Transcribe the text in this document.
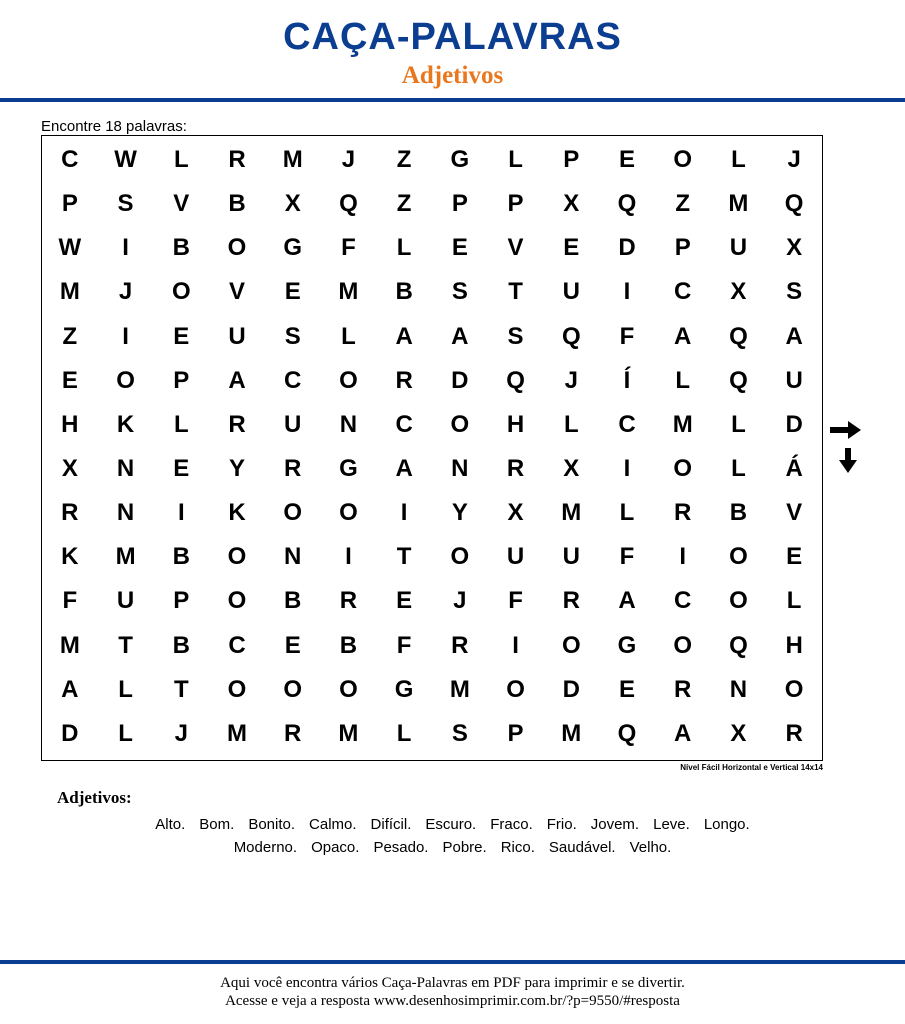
CAÇA-PALAVRAS
Adjetivos
Encontre 18 palavras:
C	W	L	R	M	J	Z	G	L	P	E	O	L	J
P	S	V	B	X	Q	Z	P	P	X	Q	Z	M	Q
W	I	B	O	G	F	L	E	V	E	D	P	U	X
M	J	O	V	E	M	B	S	T	U	I	C	X	S
Z	I	E	U	S	L	A	A	S	Q	F	A	Q	A
E	O	P	A	C	O	R	D	Q	J	Í	L	Q	U
H	K	L	R	U	N	C	O	H	L	C	M	L	D
X	N	E	Y	R	G	A	N	R	X	I	O	L	Á
R	N	I	K	O	O	I	Y	X	M	L	R	B	V
K	M	B	O	N	I	T	O	U	U	F	I	O	E
F	U	P	O	B	R	E	J	F	R	A	C	O	L
M	T	B	C	E	B	F	R	I	O	G	O	Q	H
A	L	T	O	O	O	G	M	O	D	E	R	N	O
D	L	J	M	R	M	L	S	P	M	Q	A	X	R
Nível Fácil Horizontal e Vertical 14x14
Adjetivos:
Alto. Bom. Bonito. Calmo. Difícil. Escuro. Fraco. Frio. Jovem. Leve. Longo.
Moderno. Opaco. Pesado. Pobre. Rico. Saudável. Velho.
Aqui você encontra vários Caça-Palavras em PDF para imprimir e se divertir.
Acesse e veja a resposta www.desenhosimprimir.com.br/?p=9550/#resposta
